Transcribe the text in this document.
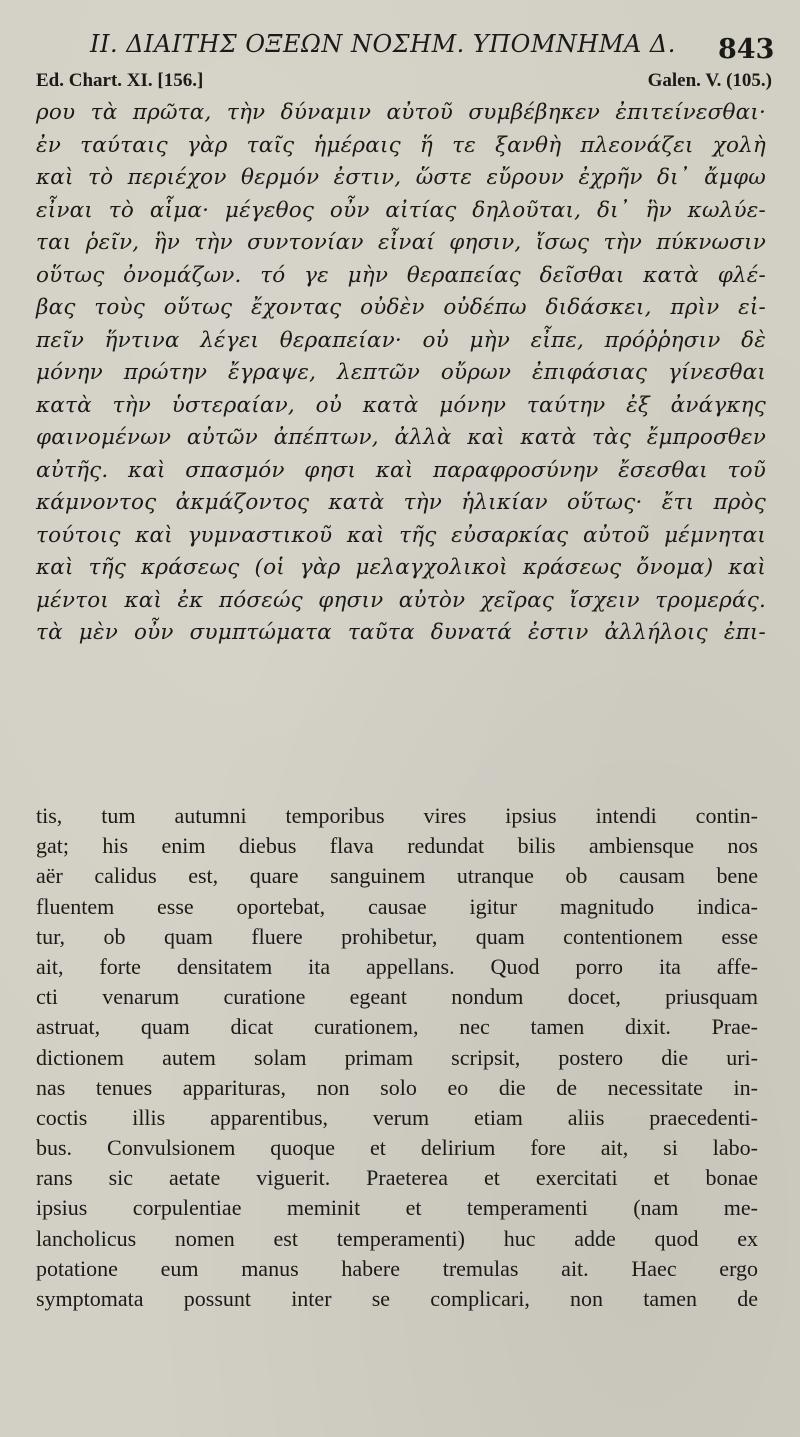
II. ΔΙΑΙΤΗΣ ΟΞΕΩΝ ΝΟΣΗΜ. ΥΠΟΜΝΗΜΑ Δ.	843
Ed. Chart. XI. [156.]	Galen. V. (105.)
ρου τὰ πρῶτα, τὴν δύναμιν αὐτοῦ συμβέβηκεν ἐπιτείνεσθαι·
ἐν ταύταις γὰρ ταῖς ἡμέραις ἥ τε ξανθὴ πλεονάζει χολὴ
καὶ τὸ περιέχον θερμόν ἐστιν, ὥστε εὔρουν ἐχρῆν δι᾽ ἄμφω
εἶναι τὸ αἷμα· μέγεθος οὖν αἰτίας δηλοῦται, δι᾽ ἣν κωλύε-
ται ῥεῖν, ἣν τὴν συντονίαν εἶναί φησιν, ἴσως τὴν πύκνωσιν
οὕτως ὀνομάζων. τό γε μὴν θεραπείας δεῖσθαι κατὰ φλέ-
βας τοὺς οὕτως ἔχοντας οὐδὲν οὐδέπω διδάσκει, πρὶν εἰ-
πεῖν ἥντινα λέγει θεραπείαν· οὐ μὴν εἶπε, πρόῤῥησιν δὲ
μόνην πρώτην ἔγραψε, λεπτῶν οὔρων ἐπιφάσιας γίνεσθαι
κατὰ τὴν ὑστεραίαν, οὐ κατὰ μόνην ταύτην ἐξ ἀνάγκης
φαινομένων αὐτῶν ἀπέπτων, ἀλλὰ καὶ κατὰ τὰς ἔμπροσθεν
αὐτῆς. καὶ σπασμόν φησι καὶ παραφροσύνην ἔσεσθαι τοῦ
κάμνοντος ἀκμάζοντος κατὰ τὴν ἡλικίαν οὕτως· ἔτι πρὸς
τούτοις καὶ γυμναστικοῦ καὶ τῆς εὐσαρκίας αὐτοῦ μέμνηται
καὶ τῆς κράσεως (οἱ γὰρ μελαγχολικοὶ κράσεως ὄνομα) καὶ
μέντοι καὶ ἐκ πόσεώς φησιν αὐτὸν χεῖρας ἴσχειν τρομεράς.
τὰ μὲν οὖν συμπτώματα ταῦτα δυνατά ἐστιν ἀλλήλοις ἐπι-
tis, tum autumni temporibus vires ipsius intendi contin-
gat; his enim diebus flava redundat bilis ambiensque nos
aër calidus est, quare sanguinem utranque ob causam bene
fluentem esse oportebat, causae igitur magnitudo indica-
tur, ob quam fluere prohibetur, quam contentionem esse
ait, forte densitatem ita appellans. Quod porro ita affe-
cti venarum curatione egeant nondum docet, priusquam
astruat, quam dicat curationem, nec tamen dixit. Prae-
dictionem autem solam primam scripsit, postero die uri-
nas tenues apparituras, non solo eo die de necessitate in-
coctis illis apparentibus, verum etiam aliis praecedenti-
bus. Convulsionem quoque et delirium fore ait, si labo-
rans sic aetate viguerit. Praeterea et exercitati et bonae
ipsius corpulentiae meminit et temperamenti (nam me-
lancholicus nomen est temperamenti) huc adde quod ex
potatione eum manus habere tremulas ait. Haec ergo
symptomata possunt inter se complicari, non tamen de
